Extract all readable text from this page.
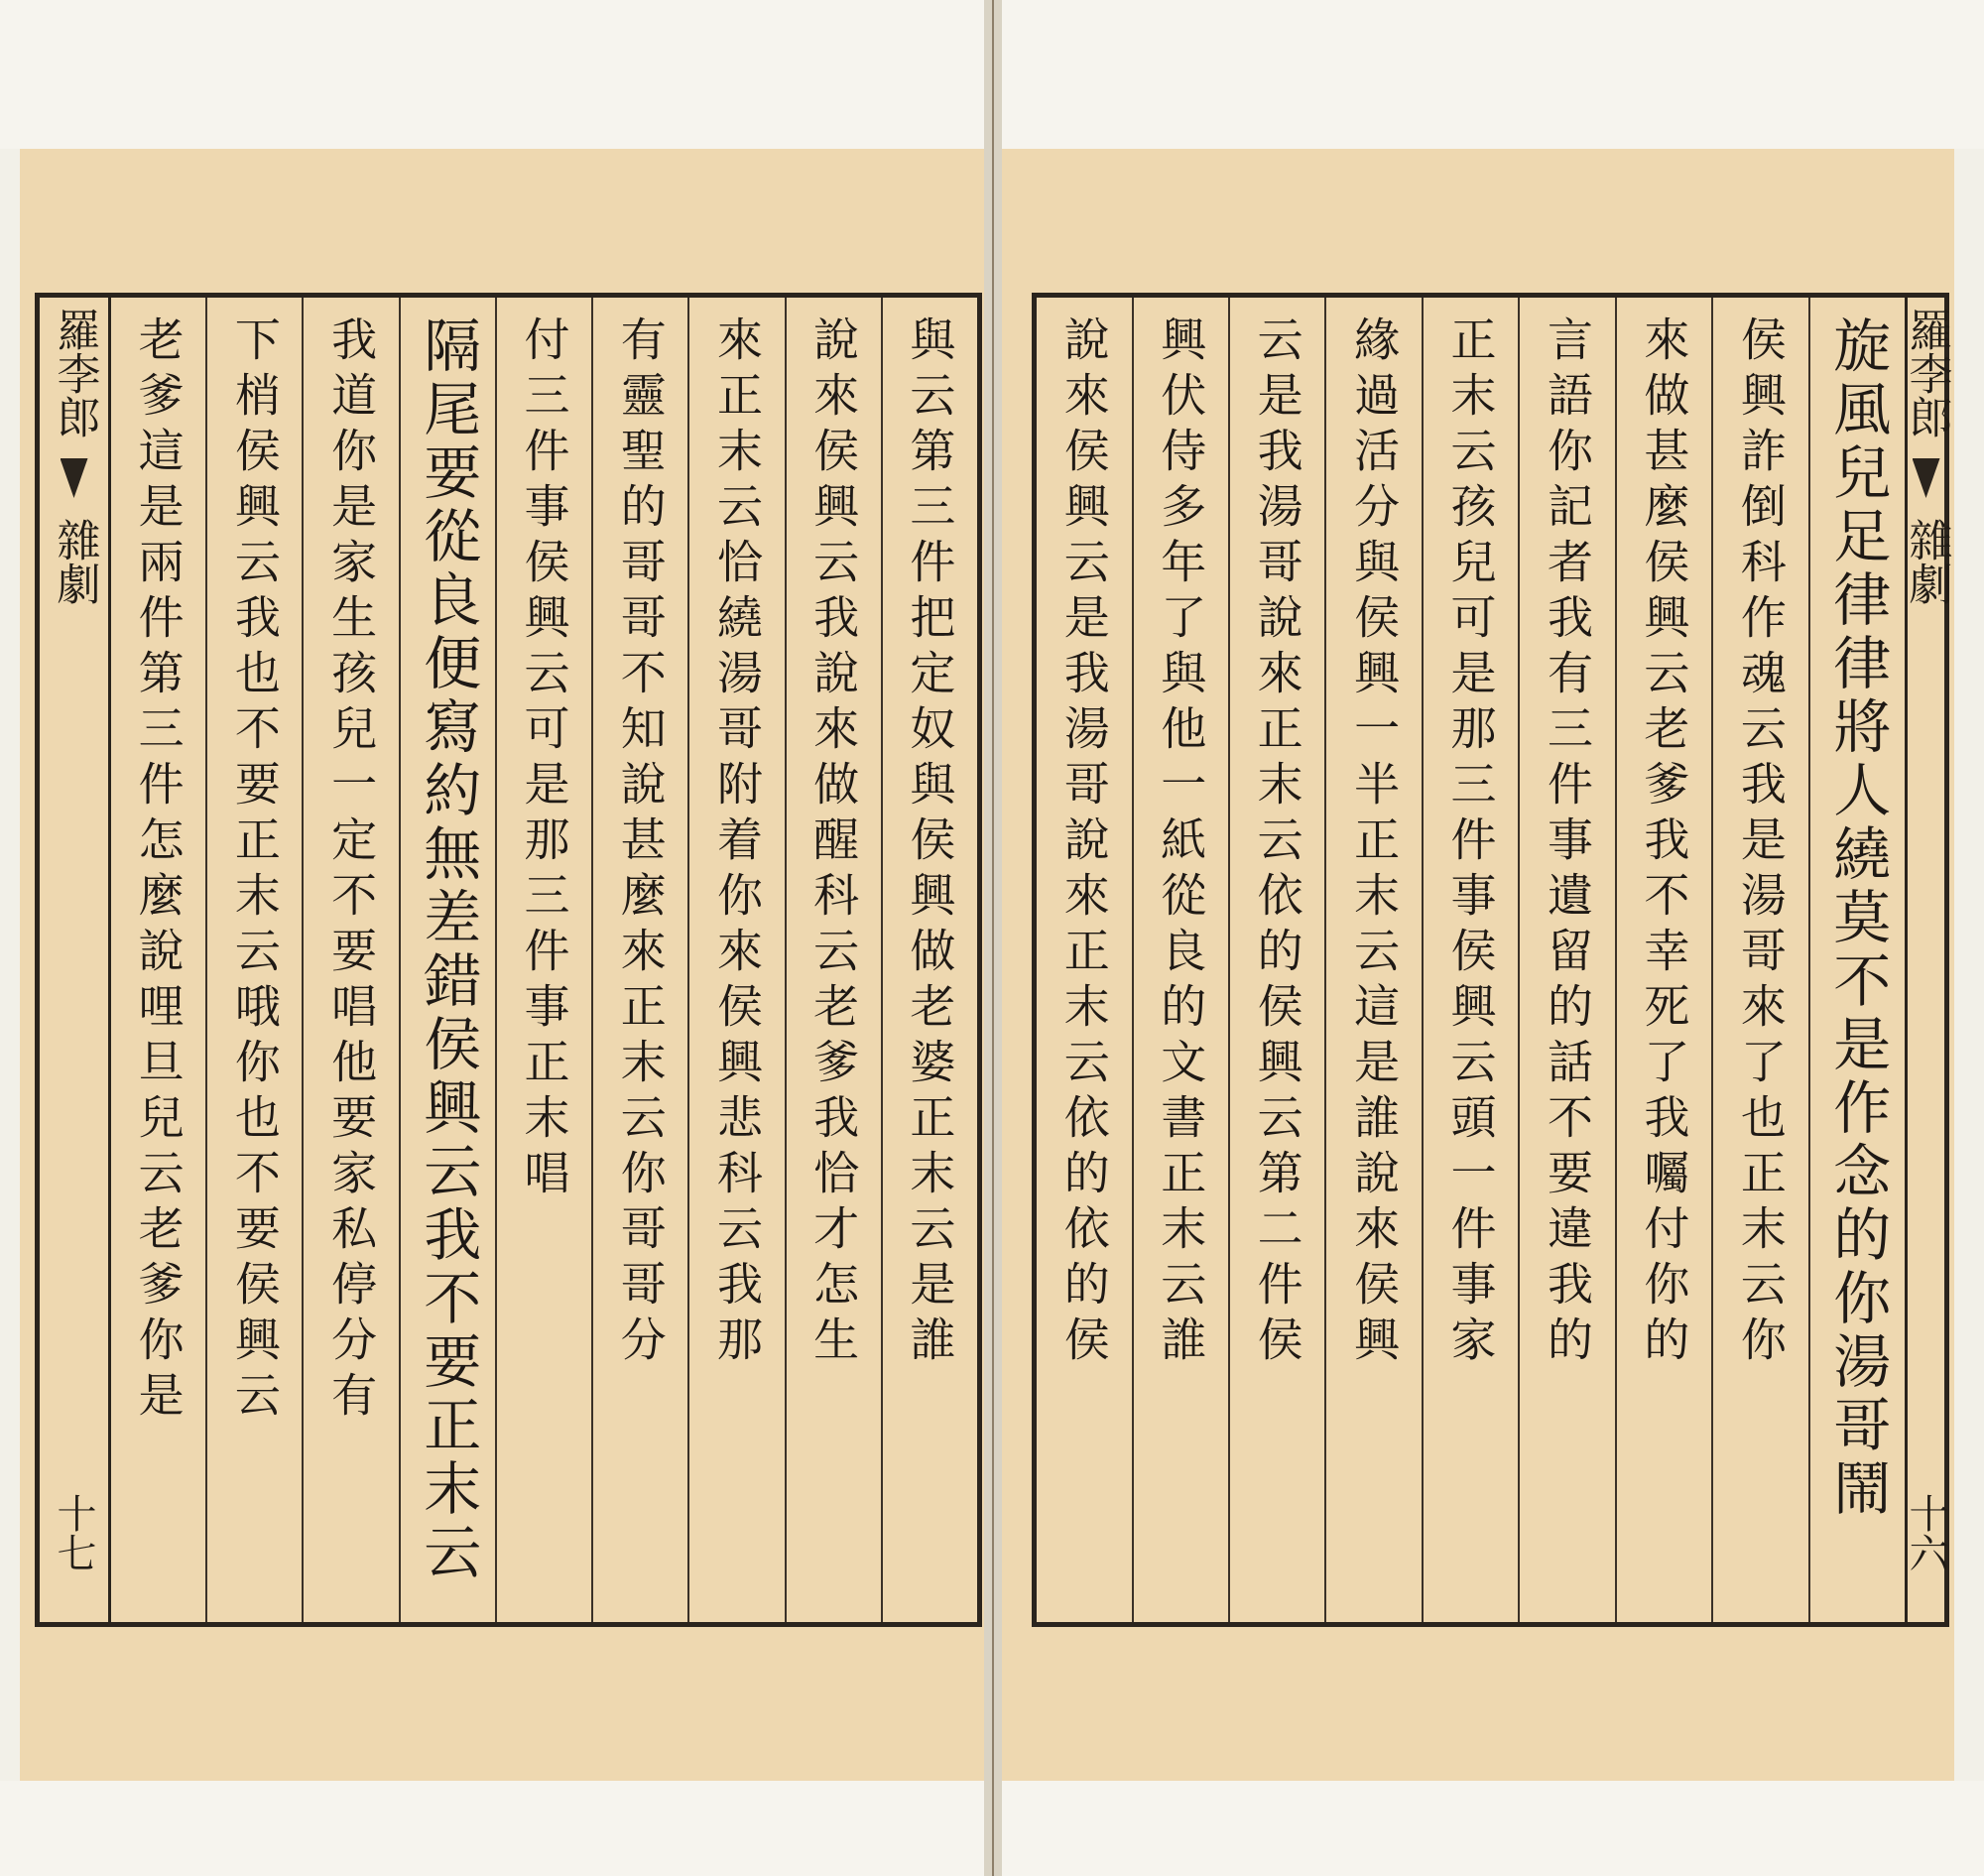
羅李郎
雜劇
十七
與云第三件把定奴與侯興做老婆正末云是誰
說來侯興云我說來做醒科云老爹我恰才怎生
來正末云恰繞湯哥附着你來侯興悲科云我那
有靈聖的哥哥不知說甚麼來正末云你哥哥分
付三件事侯興云可是那三件事正末唱
隔尾要從良便寫約無差錯侯興云我不要正末云
我道你是家生孩兒一定不要唱他要家私停分有
下梢侯興云我也不要正末云哦你也不要侯興云
老爹這是兩件第三件怎麼說哩旦兒云老爹你是	旋風兒足律律將人繞莫不是作念的你湯哥鬧
侯興詐倒科作魂云我是湯哥來了也正末云你
來做甚麼侯興云老爹我不幸死了我囑付你的
言語你記者我有三件事遺留的話不要違我的
正末云孩兒可是那三件事侯興云頭一件事家
緣過活分與侯興一半正末云這是誰說來侯興
云是我湯哥說來正末云依的侯興云第二件侯
興伏侍多年了與他一紙從良的文書正末云誰
說來侯興云是我湯哥說來正末云依的依的侯	羅李郎
雜劇
十六
